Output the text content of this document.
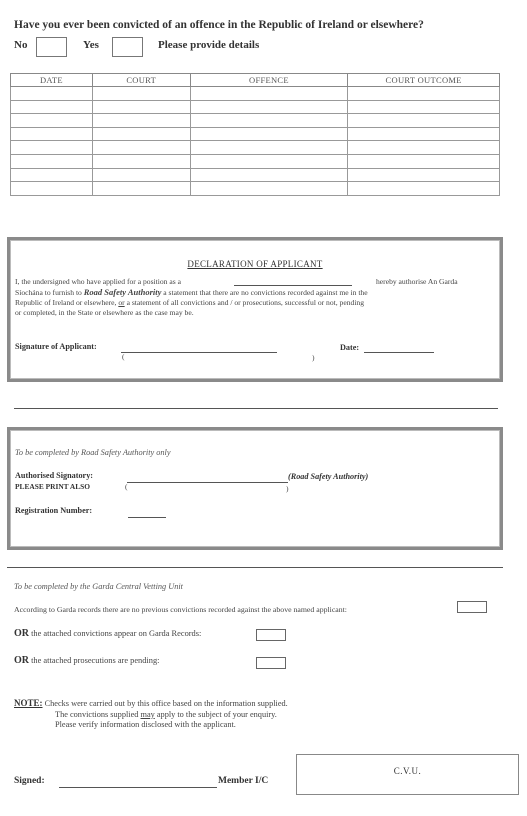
Have you ever been convicted of an offence in the Republic of Ireland or elsewhere?
No	Yes	Please provide details
DATE	COURT	OFFENCE	COURT OUTCOME

DECLARATION OF APPLICANT
I, the undersigned who have applied for a position as a	hereby authorise An Garda
Síochána to furnish to Road Safety Authority a statement that there are no convictions recorded against me in the
Republic of Ireland or elsewhere, or a statement of all convictions and / or prosecutions, successful or not, pending
or completed, in the State or elsewhere as the case may be.
Signature of Applicant:
(	)
Date:
To be completed by Road Safety Authority only
Authorised Signatory:	(Road Safety Authority)
PLEASE PRINT ALSO	(	)
Registration Number:
To be completed by the Garda Central Vetting Unit
According to Garda records there are no previous convictions recorded against the above named applicant:
OR the attached convictions appear on Garda Records:
OR the attached prosecutions are pending:
NOTE: Checks were carried out by this office based on the information supplied.
The convictions supplied may apply to the subject of your enquiry.
Please verify information disclosed with the applicant.
Signed:	Member I/C
C.V.U.
